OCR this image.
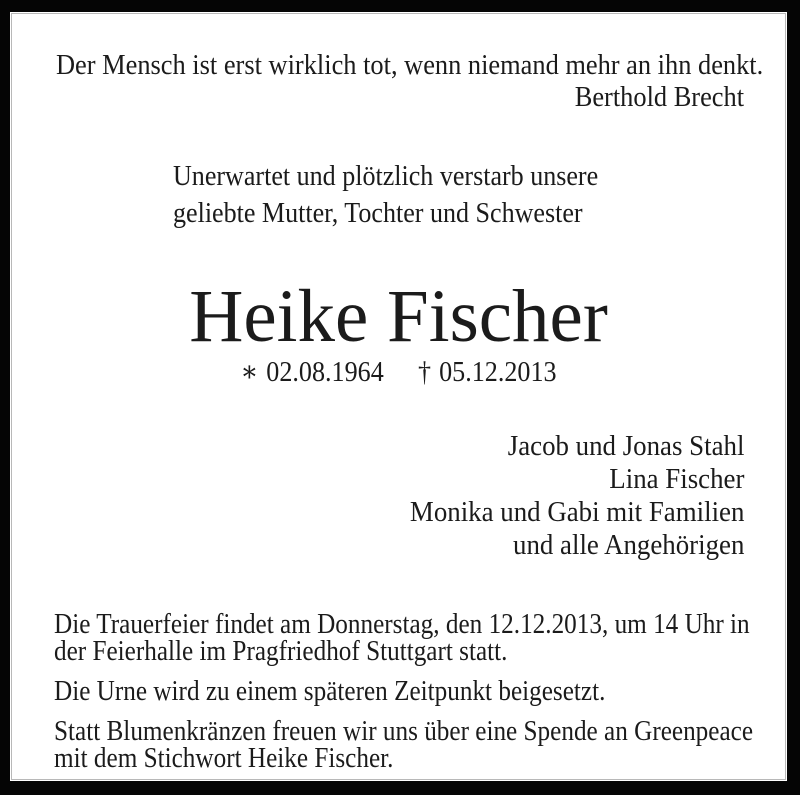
Der Mensch ist erst wirklich tot, wenn niemand mehr an ihn denkt.

Berthold Brecht

Unerwartet und plötzlich verstarb unsere
geliebte Mutter, Tochter und Schwester
Heike Fischer
∗ 02.08.1964 † 05.12.2013
Jacob und Jonas Stahl
Lina Fischer
Monika und Gabi mit Familien
und alle Angehörigen
Die Trauerfeier findet am Donnerstag, den 12.12.2013, um 14 Uhr in
der Feierhalle im Pragfriedhof Stuttgart statt.
Die Urne wird zu einem späteren Zeitpunkt beigesetzt.
Statt Blumenkränzen freuen wir uns über eine Spende an Greenpeace
mit dem Stichwort Heike Fischer.
